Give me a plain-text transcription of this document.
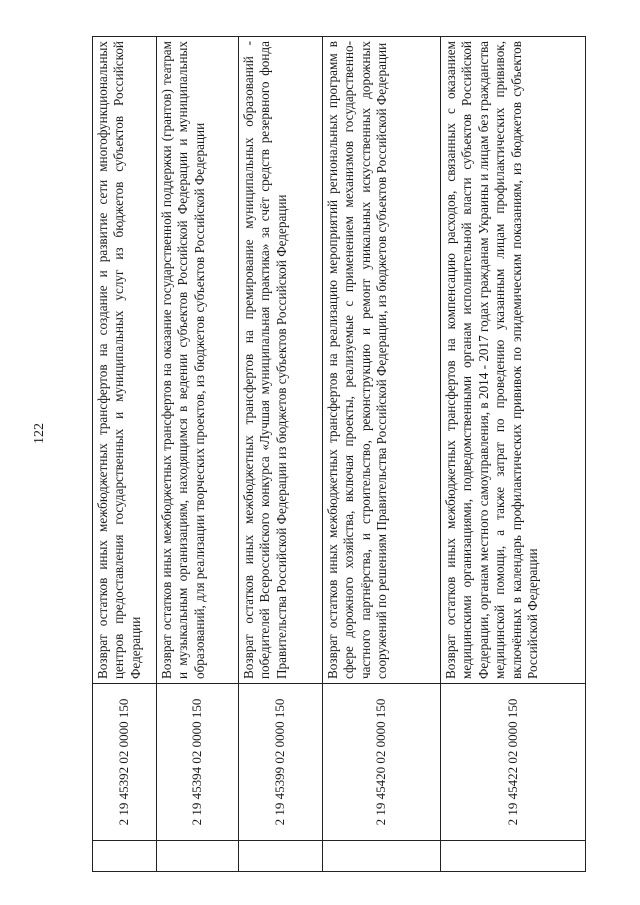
122
	2 19 45392 02 0000 150	Возврат остатков иных межбюджетных трансфертов на создание и развитие сети многофункциональных центров предоставления государственных и муниципальных услуг из бюджетов субъектов Российской Федерации
	2 19 45394 02 0000 150	Возврат остатков иных межбюджетных трансфертов на оказание государственной поддержки (грантов) театрам и музыкальным организациям, находящимся в ведении субъектов Российской Федерации и муниципальных образований, для реализации творческих проектов, из бюджетов субъектов Российской Федерации
	2 19 45399 02 0000 150	Возврат остатков иных межбюджетных трансфертов на премирование муниципальных образований - победителей Всероссийского конкурса «Лучшая муниципальная практика» за счёт средств резервного фонда Правительства Российской Федерации из бюджетов субъектов Российской Федерации
	2 19 45420 02 0000 150	Возврат остатков иных межбюджетных трансфертов на реализацию мероприятий региональных программ в сфере дорожного хозяйства, включая проекты, реализуемые с применением механизмов государственно-частного партнёрства, и строительство, реконструкцию и ремонт уникальных искусственных дорожных сооружений по решениям Правительства Российской Федерации, из бюджетов субъектов Российской Федерации
	2 19 45422 02 0000 150	Возврат остатков иных межбюджетных трансфертов на компенсацию расходов, связанных с оказанием медицинскими организациями, подведомственными органам исполнительной власти субъектов Российской Федерации, органам местного самоуправления, в 2014 - 2017 годах гражданам Украины и лицам без гражданства медицинской помощи, а также затрат по проведению указанным лицам профилактических прививок, включённых в календарь профилактических прививок по эпидемическим показаниям, из бюджетов субъектов Российской Федерации
